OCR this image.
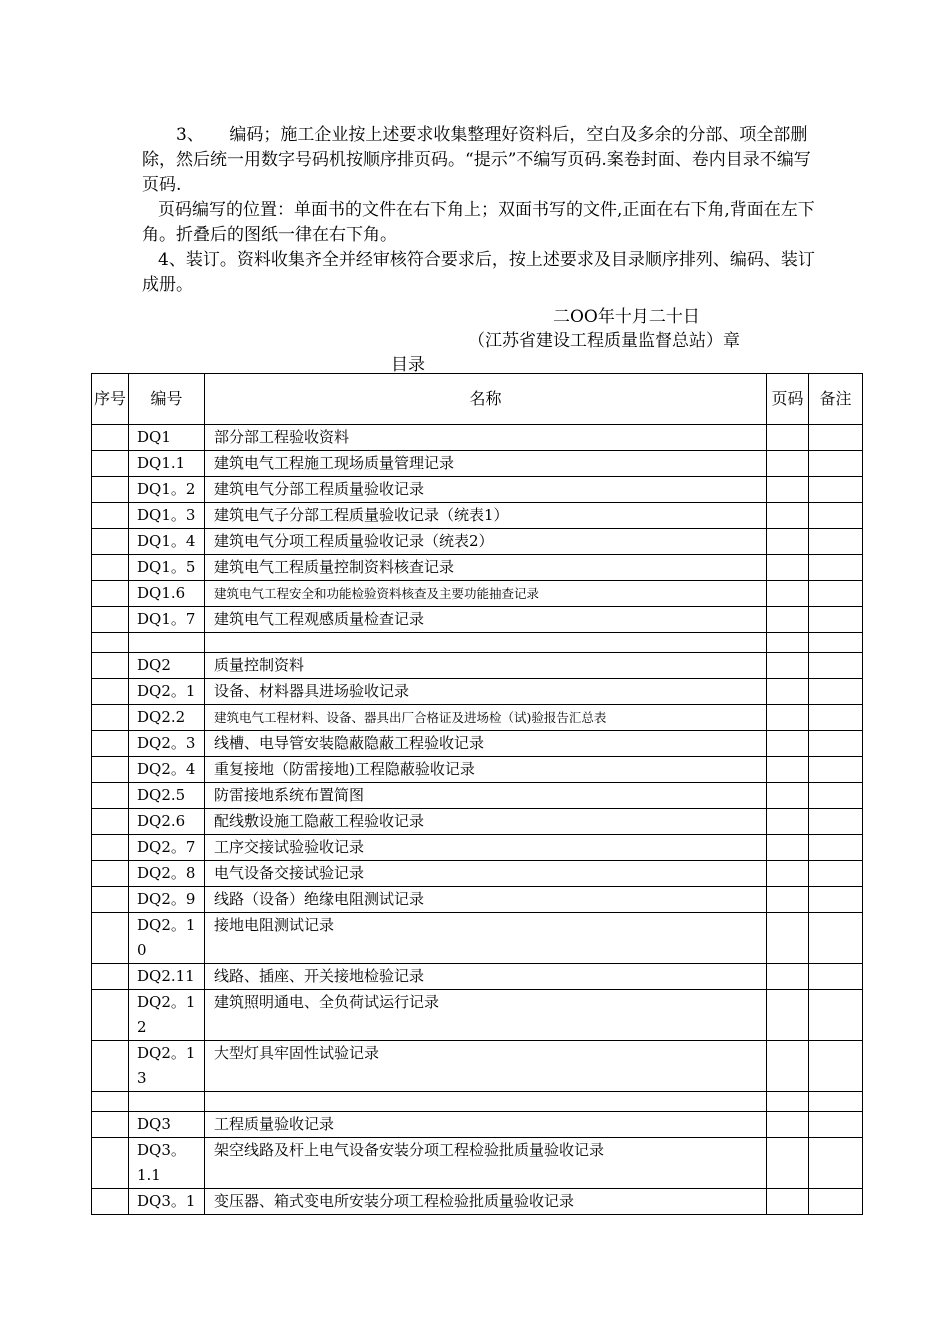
3、　　编码；施工企业按上述要求收集整理好资料后，空白及多余的分部、项全部删除，然后统一用数字号码机按顺序排页码。“提示”不编写页码.案卷封面、卷内目录不编写页码.

页码编写的位置：单面书的文件在右下角上；双面书写的文件,正面在右下角,背面在左下角。折叠后的图纸一律在右下角。

4、装订。资料收集齐全并经审核符合要求后，按上述要求及目录顺序排列、编码、装订成册。

二OO年十月二十日
（江苏省建设工程质量监督总站）章
目录
序号	编号	名称	页码	备注
	DQ1	部分部工程验收资料		
	DQ1.1	建筑电气工程施工现场质量管理记录		
	DQ1。2	建筑电气分部工程质量验收记录		
	DQ1。3	建筑电气子分部工程质量验收记录（统表1）		
	DQ1。4	建筑电气分项工程质量验收记录（统表2）		
	DQ1。5	建筑电气工程质量控制资料核查记录		
	DQ1.6	建筑电气工程安全和功能检验资料核查及主要功能抽查记录		
	DQ1。7	建筑电气工程观感质量检查记录		

	DQ2	质量控制资料		
	DQ2。1	设备、材料器具进场验收记录		
	DQ2.2	建筑电气工程材料、设备、器具出厂合格证及进场检（试)验报告汇总表		
	DQ2。3	线槽、电导管安装隐蔽隐蔽工程验收记录		
	DQ2。4	重复接地（防雷接地)工程隐蔽验收记录		
	DQ2.5	防雷接地系统布置简图		
	DQ2.6	配线敷设施工隐蔽工程验收记录		
	DQ2。7	工序交接试验验收记录		
	DQ2。8	电气设备交接试验记录		
	DQ2。9	线路（设备）绝缘电阻测试记录		
	DQ2。10	接地电阻测试记录		
	DQ2.11	线路、插座、开关接地检验记录		
	DQ2。12	建筑照明通电、全负荷试运行记录		
	DQ2。13	大型灯具牢固性试验记录		

	DQ3	工程质量验收记录		
	DQ3。1.1	架空线路及杆上电气设备安装分项工程检验批质量验收记录		
	DQ3。1	变压器、箱式变电所安装分项工程检验批质量验收记录		
